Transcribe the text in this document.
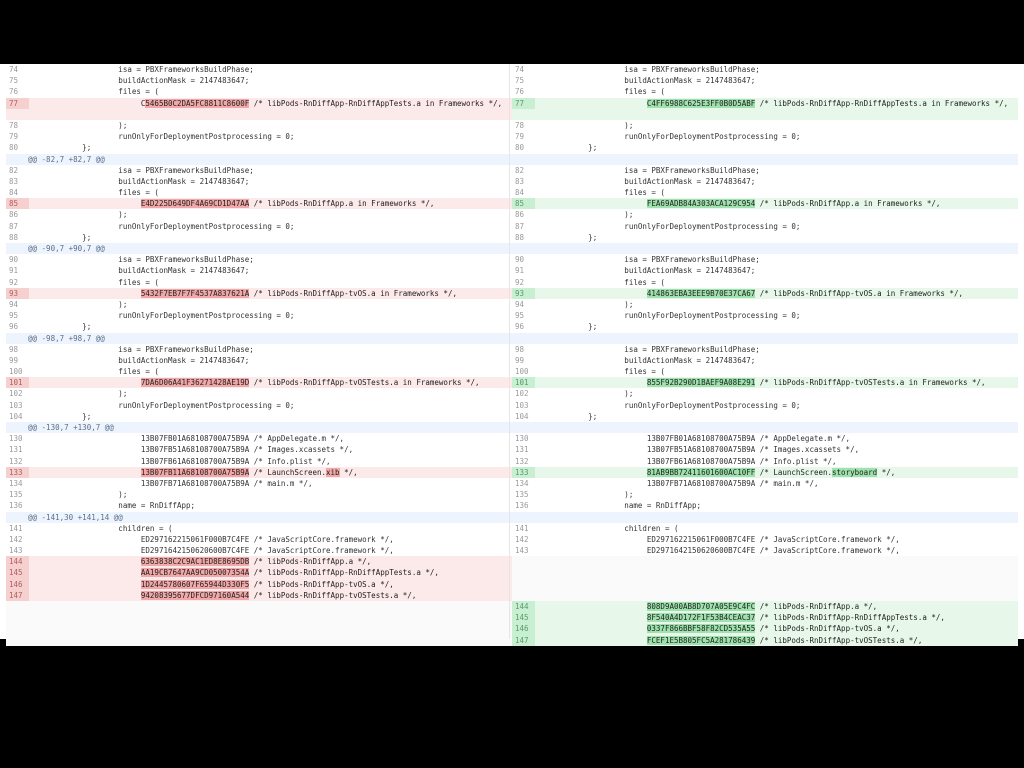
74	isa = PBXFrameworksBuildPhase;
75	buildActionMask = 2147483647;
76	files = (
77	C5465B0C2DA5FC8811C8600F /* libPods-RnDiffApp-RnDiffAppTests.a in Frameworks */,
78	);
79	runOnlyForDeploymentPostprocessing = 0;
80	};
@@ -82,7 +82,7 @@
82	isa = PBXFrameworksBuildPhase;
83	buildActionMask = 2147483647;
84	files = (
85	E4D225D649DF4A69CD1D47AA /* libPods-RnDiffApp.a in Frameworks */,
86	);
87	runOnlyForDeploymentPostprocessing = 0;
88	};
@@ -90,7 +90,7 @@
90	isa = PBXFrameworksBuildPhase;
91	buildActionMask = 2147483647;
92	files = (
93	5432F7EB7F7F4537A837621A /* libPods-RnDiffApp-tvOS.a in Frameworks */,
94	);
95	runOnlyForDeploymentPostprocessing = 0;
96	};
@@ -98,7 +98,7 @@
98	isa = PBXFrameworksBuildPhase;
99	buildActionMask = 2147483647;
100 files = (
101	7DA6D06A41F36271428AE19D /* libPods-RnDiffApp-tvOSTests.a in Frameworks */,
102 );
103 runOnlyForDeploymentPostprocessing = 0;
104 };
@@ -130,7 +130,7 @@
130 13B07FB01A68108700A75B9A /* AppDelegate.m */,
131 13B07FB51A68108700A75B9A /* Images.xcassets */,
132 13B07FB61A68108700A75B9A /* Info.plist */,
133	13B07FB11A68108700A75B9A /* LaunchScreen.xib */,
134 13B07FB71A68108700A75B9A /* main.m */,
135 );
136 name = RnDiffApp;
@@ -141,30 +141,14 @@
141 children = (
142 ED297162215061F000B7C4FE /* JavaScriptCore.framework */,
143 ED2971642150620600B7C4FE /* JavaScriptCore.framework */,
144	6363838C2C9AC1ED8E8695DB /* libPods-RnDiffApp.a */,
145	AA19CB7647AA9CD05007354A /* libPods-RnDiffApp-RnDiffAppTests.a */,
146	1D2445780607F65944D330F5 /* libPods-RnDiffApp-tvOS.a */,
147	94208395677DFCD97160A544 /* libPods-RnDiffApp-tvOSTests.a */,
74	isa = PBXFrameworksBuildPhase;
75	buildActionMask = 2147483647;
76	files = (
77	C4FF6988C625E3FF0B0D5ABF /* libPods-RnDiffApp-RnDiffAppTests.a in Frameworks */,
78	);
79	runOnlyForDeploymentPostprocessing = 0;
80	};
82	isa = PBXFrameworksBuildPhase;
83	buildActionMask = 2147483647;
84	files = (
85	FEA69ADB84A303ACA129C954 /* libPods-RnDiffApp.a in Frameworks */,
86	);
87	runOnlyForDeploymentPostprocessing = 0;
88	};
90	isa = PBXFrameworksBuildPhase;
91	buildActionMask = 2147483647;
92	files = (
93	414863EBA3EEE9B70E37CA67 /* libPods-RnDiffApp-tvOS.a in Frameworks */,
94	);
95	runOnlyForDeploymentPostprocessing = 0;
96	};
98	isa = PBXFrameworksBuildPhase;
99	buildActionMask = 2147483647;
100 files = (
101	855F92B290D1BAEF9A08E291 /* libPods-RnDiffApp-tvOSTests.a in Frameworks */,
102 );
103 runOnlyForDeploymentPostprocessing = 0;
104 };
130 13B07FB01A68108700A75B9A /* AppDelegate.m */,
131 13B07FB51A68108700A75B9A /* Images.xcassets */,
132 13B07FB61A68108700A75B9A /* Info.plist */,
133	81AB9BB72411601600AC10FF /* LaunchScreen.storyboard */,
134 13B07FB71A68108700A75B9A /* main.m */,
135 );
136 name = RnDiffApp;
141 children = (
142 ED297162215061F000B7C4FE /* JavaScriptCore.framework */,
143 ED2971642150620600B7C4FE /* JavaScriptCore.framework */,
144	808D9A00AB8D707A05E9C4FC /* libPods-RnDiffApp.a */,
145	8F540A4D172F1F53B4CEAC37 /* libPods-RnDiffApp-RnDiffAppTests.a */,
146	0337F866BBF58F82CD535A55 /* libPods-RnDiffApp-tvOS.a */,
147	FCEF1E5B805FC5A281786439 /* libPods-RnDiffApp-tvOSTests.a */,
